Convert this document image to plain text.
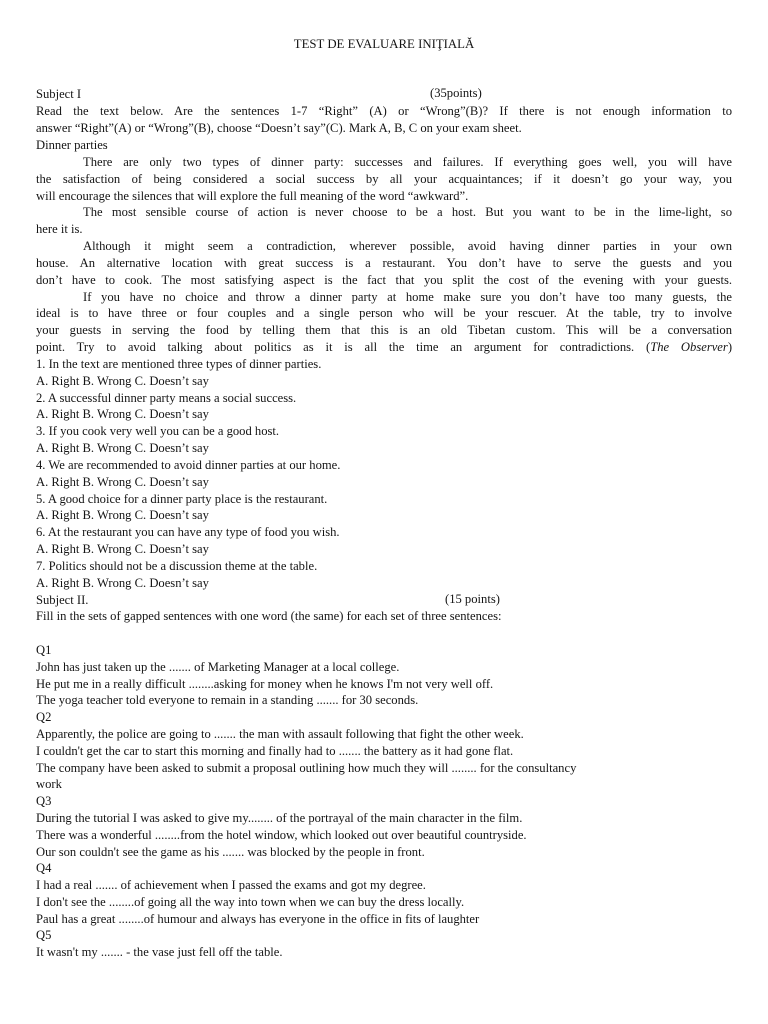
TEST DE EVALUARE INIŢIALĂ
Subject I	(35points)
Read the text below. Are the sentences 1-7 “Right” (A) or “Wrong”(B)? If there is not enough information to
answer “Right”(A) or “Wrong”(B), choose “Doesn’t say”(C). Mark A, B, C on your exam sheet.
Dinner parties
There are only two types of dinner party: successes and failures. If everything goes well, you will have
the satisfaction of being considered a social success by all your acquaintances; if it doesn’t go your way, you
will encourage the silences that will explore the full meaning of the word “awkward”.
The most sensible course of action is never choose to be a host. But you want to be in the lime-light, so
here it is.
Although it might seem a contradiction, wherever possible, avoid having dinner parties in your own
house. An alternative location with great success is a restaurant. You don’t have to serve the guests and you
don’t have to cook. The most satisfying aspect is the fact that you split the cost of the evening with your guests.
If you have no choice and throw a dinner party at home make sure you don’t have too many guests, the
ideal is to have three or four couples and a single person who will be your rescuer. At the table, try to involve
your guests in serving the food by telling them that this is an old Tibetan custom. This will be a conversation
point. Try to avoid talking about politics as it is all the time an argument for contradictions. (The Observer)
1. In the text are mentioned three types of dinner parties.
A. Right B. Wrong C. Doesn’t say
2. A successful dinner party means a social success.
A. Right B. Wrong C. Doesn’t say
3. If you cook very well you can be a good host.
A. Right B. Wrong C. Doesn’t say
4. We are recommended to avoid dinner parties at our home.
A. Right B. Wrong C. Doesn’t say
5. A good choice for a dinner party place is the restaurant.
A. Right B. Wrong C. Doesn’t say
6. At the restaurant you can have any type of food you wish.
A. Right B. Wrong C. Doesn’t say
7. Politics should not be a discussion theme at the table.
A. Right B. Wrong C. Doesn’t say
Subject II.	(15 points)
Fill in the sets of gapped sentences with one word (the same) for each set of three sentences:
Q1
John has just taken up the ....... of Marketing Manager at a local college.
He put me in a really difficult ........asking for money when he knows I'm not very well off.
The yoga teacher told everyone to remain in a standing ....... for 30 seconds.
Q2
Apparently, the police are going to ....... the man with assault following that fight the other week.
I couldn't get the car to start this morning and finally had to ....... the battery as it had gone flat.
The company have been asked to submit a proposal outlining how much they will ........ for the consultancy
work
Q3
During the tutorial I was asked to give my........ of the portrayal of the main character in the film.
There was a wonderful ........from the hotel window, which looked out over beautiful countryside.
Our son couldn't see the game as his ....... was blocked by the people in front.
Q4
I had a real ....... of achievement when I passed the exams and got my degree.
I don't see the ........of going all the way into town when we can buy the dress locally.
Paul has a great ........of humour and always has everyone in the office in fits of laughter
Q5
It wasn't my ....... - the vase just fell off the table.
